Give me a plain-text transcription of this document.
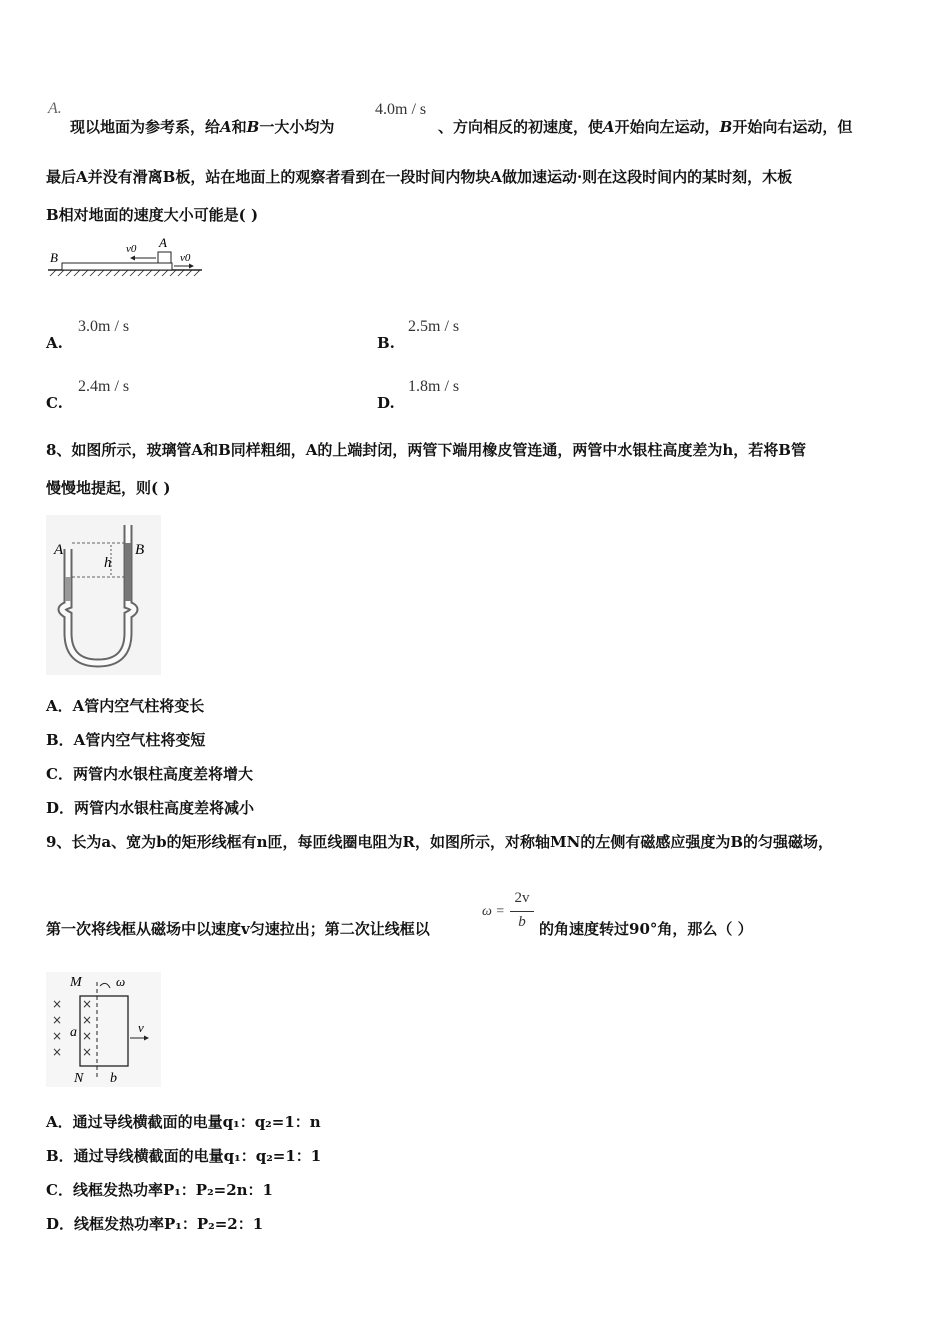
A.
现以地面为参考系，给A和B一大小均为
4.0m / s
、方向相反的初速度，使A开始向左运动，B开始向右运动，但
最后A并没有滑离B板，站在地面上的观察者看到在一段时间内物块A做加速运动·则在这段时间内的某时刻，木板
B相对地面的速度大小可能是( )
B
A
v0
v0
A.
3.0m / s
B.
2.5m / s
C.
2.4m / s
D.
1.8m / s
8、如图所示，玻璃管A和B同样粗细，A的上端封闭，两管下端用橡皮管连通，两管中水银柱高度差为h，若将B管
慢慢地提起，则( )
A	B
h
A．A管内空气柱将变长
B．A管内空气柱将变短
C．两管内水银柱高度差将增大
D．两管内水银柱高度差将减小
9、长为a、宽为b的矩形线框有n匝，每匝线圈电阻为R，如图所示，对称轴MN的左侧有磁感应强度为B的匀强磁场，
第一次将线框从磁场中以速度v匀速拉出；第二次让线框以
ω =
2v
b 的角速度转过90°角，那么（ ）
×
×
×
×
×
×
×
×
M
N
a
b
v
ω
A．通过导线横截面的电量q₁：q₂=1：n
B．通过导线横截面的电量q₁：q₂=1：1
C．线框发热功率P₁：P₂=2n：1
D．线框发热功率P₁：P₂=2：1
